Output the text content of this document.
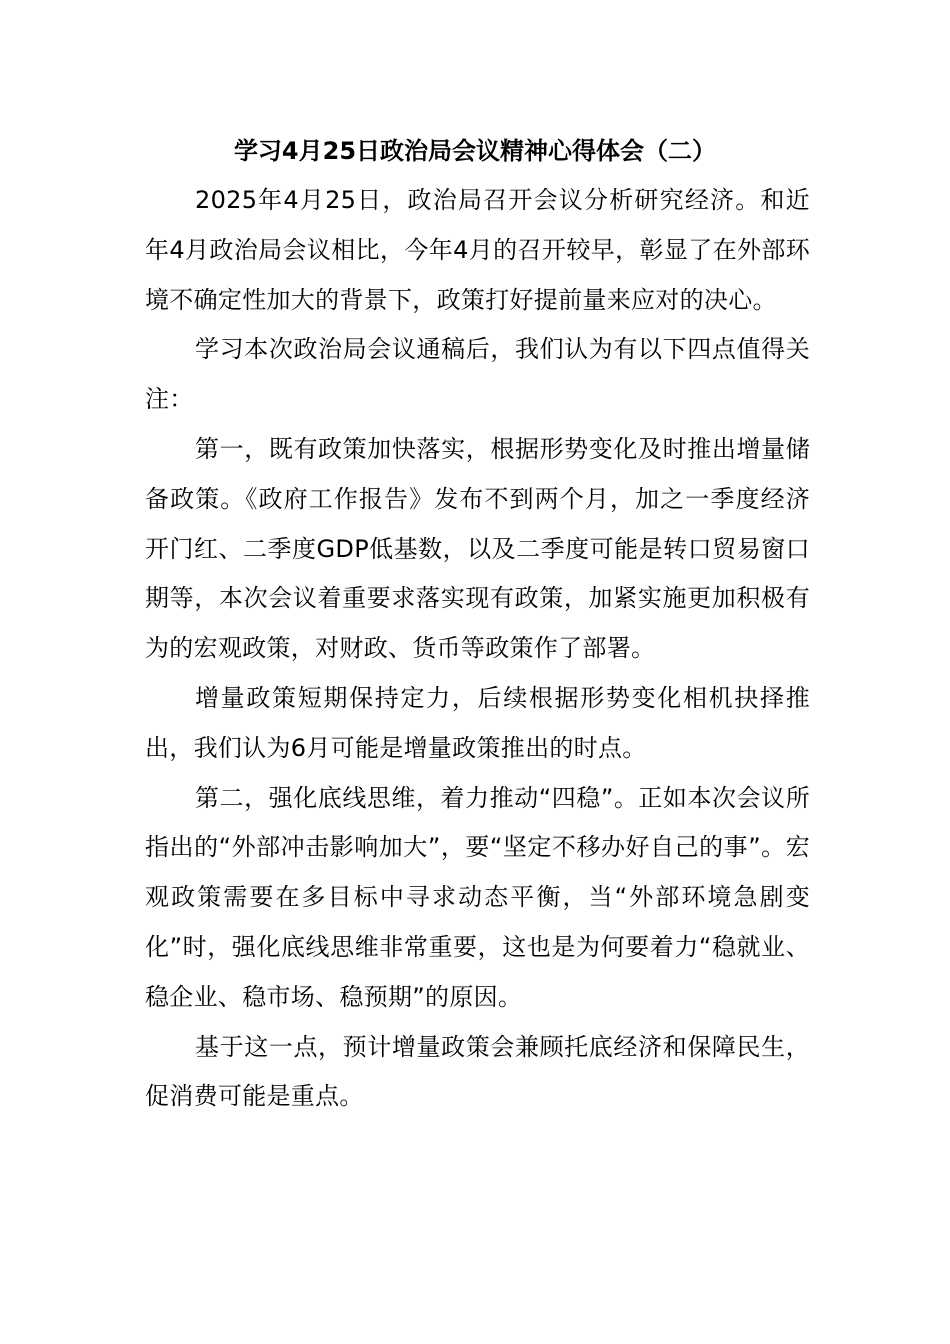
学习4月25日政治局会议精神心得体会（二）

2025年4月25日，政治局召开会议分析研究经济。和近年4月政治局会议相比，今年4月的召开较早，彰显了在外部环境不确定性加大的背景下，政策打好提前量来应对的决心。

学习本次政治局会议通稿后，我们认为有以下四点值得关注：

第一，既有政策加快落实，根据形势变化及时推出增量储备政策。《政府工作报告》发布不到两个月，加之一季度经济开门红、二季度GDP低基数，以及二季度可能是转口贸易窗口期等，本次会议着重要求落实现有政策，加紧实施更加积极有为的宏观政策，对财政、货币等政策作了部署。

增量政策短期保持定力，后续根据形势变化相机抉择推出，我们认为6月可能是增量政策推出的时点。

第二，强化底线思维，着力推动“四稳”。正如本次会议所指出的“外部冲击影响加大”，要“坚定不移办好自己的事”。宏观政策需要在多目标中寻求动态平衡，当“外部环境急剧变化”时，强化底线思维非常重要，这也是为何要着力“稳就业、稳企业、稳市场、稳预期”的原因。

基于这一点，预计增量政策会兼顾托底经济和保障民生，促消费可能是重点。
